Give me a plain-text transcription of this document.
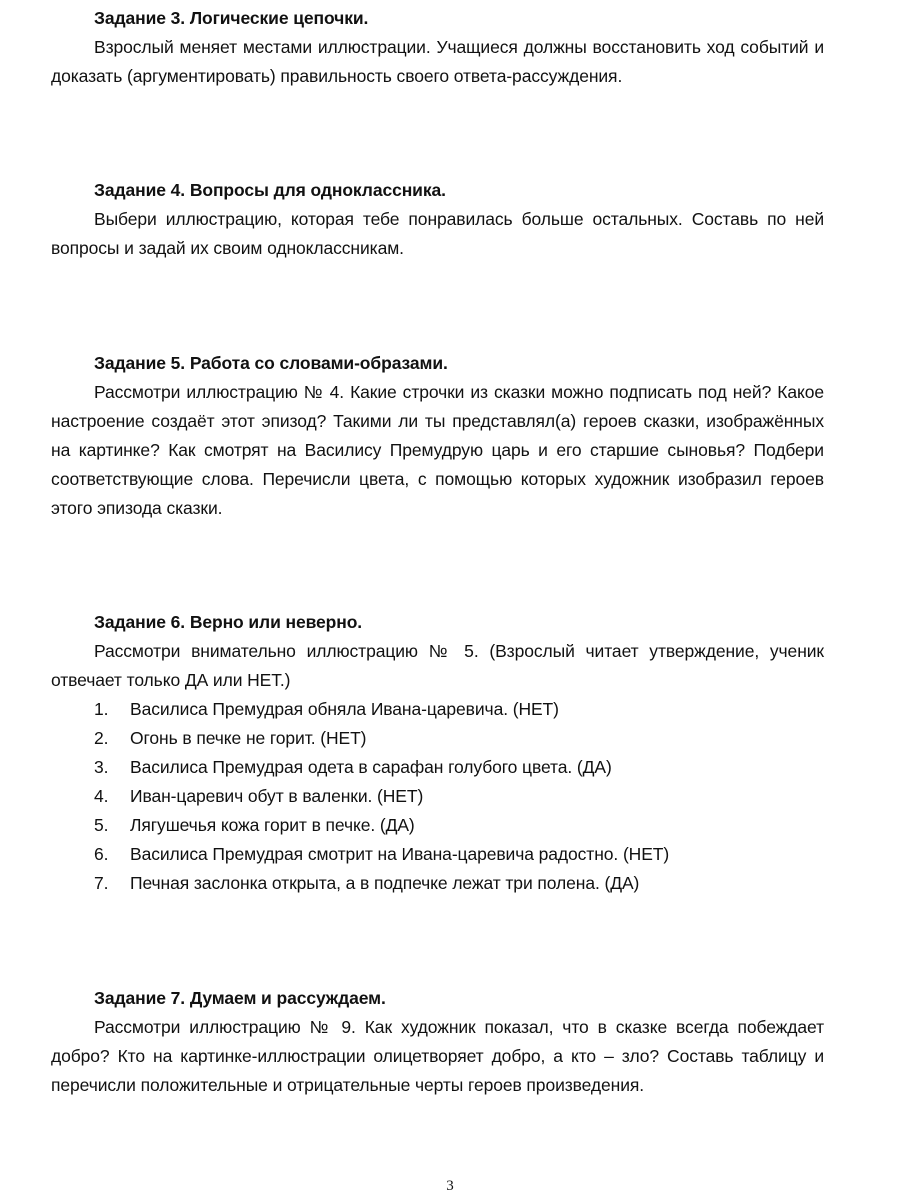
Задание 3. Логические цепочки.
Взрослый меняет местами иллюстрации. Учащиеся должны восстановить ход событий и доказать (аргументировать) правильность своего ответа-рассуждения.
Задание 4. Вопросы для одноклассника.
Выбери иллюстрацию, которая тебе понравилась больше остальных. Составь по ней вопросы и задай их своим одноклассникам.
Задание 5. Работа со словами-образами.
Рассмотри иллюстрацию № 4. Какие строчки из сказки можно подписать под ней? Какое настроение создаёт этот эпизод? Такими ли ты представлял(а) героев сказки, изображённых на картинке? Как смотрят на Василису Премудрую царь и его старшие сыновья? Подбери соответствующие слова. Перечисли цвета, с помощью которых художник изобразил героев этого эпизода сказки.
Задание 6. Верно или неверно.
Рассмотри внимательно иллюстрацию № 5. (Взрослый читает утверждение, ученик отвечает только ДА или НЕТ.)
1. Василиса Премудрая обняла Ивана-царевича. (НЕТ)
2. Огонь в печке не горит. (НЕТ)
3. Василиса Премудрая одета в сарафан голубого цвета. (ДА)
4. Иван-царевич обут в валенки. (НЕТ)
5. Лягушечья кожа горит в печке. (ДА)
6. Василиса Премудрая смотрит на Ивана-царевича радостно. (НЕТ)
7. Печная заслонка открыта, а в подпечке лежат три полена. (ДА)
Задание 7. Думаем и рассуждаем.
Рассмотри иллюстрацию № 9. Как художник показал, что в сказке всегда побеждает добро? Кто на картинке-иллюстрации олицетворяет добро, а кто – зло? Составь таблицу и перечисли положительные и отрицательные черты героев произведения.
3
